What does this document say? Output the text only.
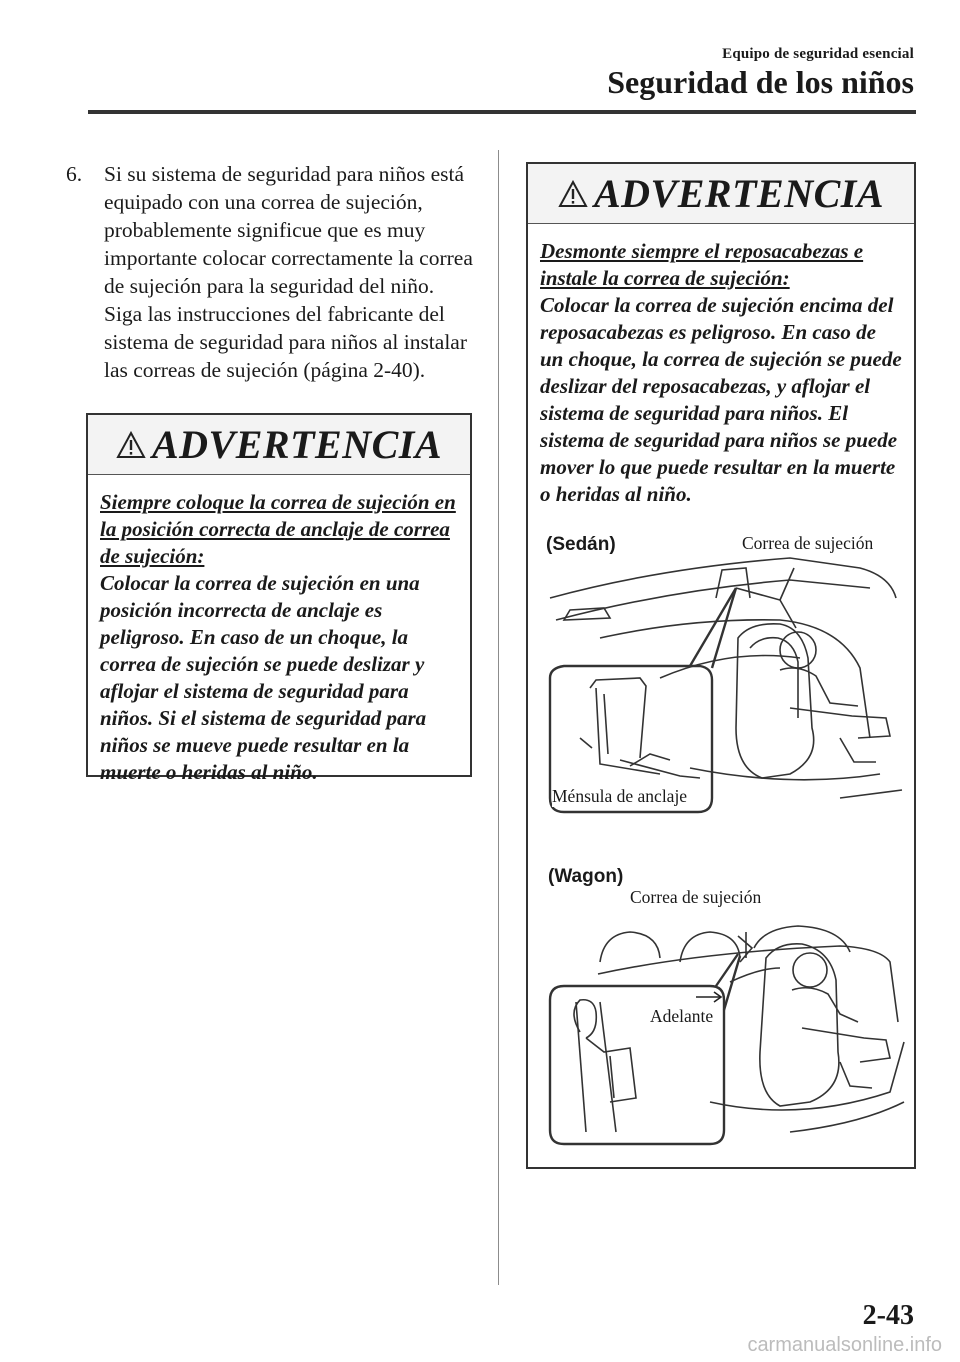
Equipo de seguridad esencial
Seguridad de los niños
6.	Si su sistema de seguridad para niños está equipado con una correa de sujeción, probablemente significue que es muy importante colocar correctamente la correa de sujeción para la seguridad del niño. Siga las instrucciones del fabricante del sistema de seguridad para niños al instalar las correas de sujeción (página 2-40).
ADVERTENCIA
Siempre coloque la correa de sujeción en la posición correcta de anclaje de correa de sujeción:
Colocar la correa de sujeción en una posición incorrecta de anclaje es peligroso. En caso de un choque, la correa de sujeción se puede deslizar y aflojar el sistema de seguridad para niños. Si el sistema de seguridad para niños se mueve puede resultar en la muerte o heridas al niño.
ADVERTENCIA
Desmonte siempre el reposacabezas e instale la correa de sujeción:
Colocar la correa de sujeción encima del reposacabezas es peligroso. En caso de un choque, la correa de sujeción se puede deslizar del reposacabezas, y aflojar el sistema de seguridad para niños. El sistema de seguridad para niños se puede mover lo que puede resultar en la muerte o heridas al niño.
(Sedán)	Correa de sujeción
Ménsula de anclaje
(Wagon)
Correa de sujeción
Adelante
2-43
carmanualsonline.info
